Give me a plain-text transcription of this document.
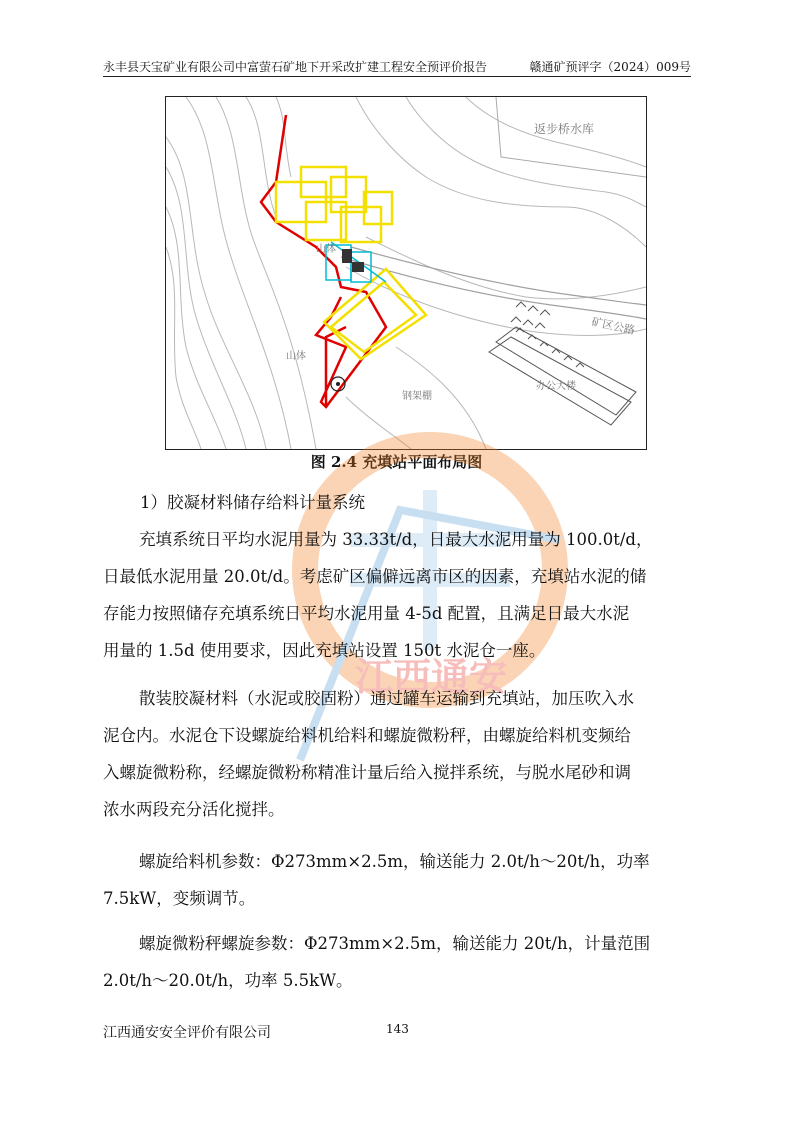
永丰县天宝矿业有限公司中富萤石矿地下开采改扩建工程安全预评价报告	赣通矿预评字（2024）009号
返步桥水库
山体
山体
矿区公路
办公大楼
钢架棚
图 2.4 充填站平面布局图
江西通安
1）胶凝材料储存给料计量系统
充填系统日平均水泥用量为 33.33t/d，日最大水泥用量为 100.0t/d，
日最低水泥用量 20.0t/d。考虑矿区偏僻远离市区的因素，充填站水泥的储
存能力按照储存充填系统日平均水泥用量 4-5d 配置，且满足日最大水泥
用量的 1.5d 使用要求，因此充填站设置 150t 水泥仓一座。
散装胶凝材料（水泥或胶固粉）通过罐车运输到充填站，加压吹入水
泥仓内。水泥仓下设螺旋给料机给料和螺旋微粉秤，由螺旋给料机变频给
入螺旋微粉称，经螺旋微粉称精准计量后给入搅拌系统，与脱水尾砂和调
浓水两段充分活化搅拌。
螺旋给料机参数：Φ273mm×2.5m，输送能力 2.0t/h～20t/h，功率
7.5kW，变频调节。
螺旋微粉秤螺旋参数：Φ273mm×2.5m，输送能力 20t/h，计量范围
2.0t/h～20.0t/h，功率 5.5kW。
江西通安安全评价有限公司	143
